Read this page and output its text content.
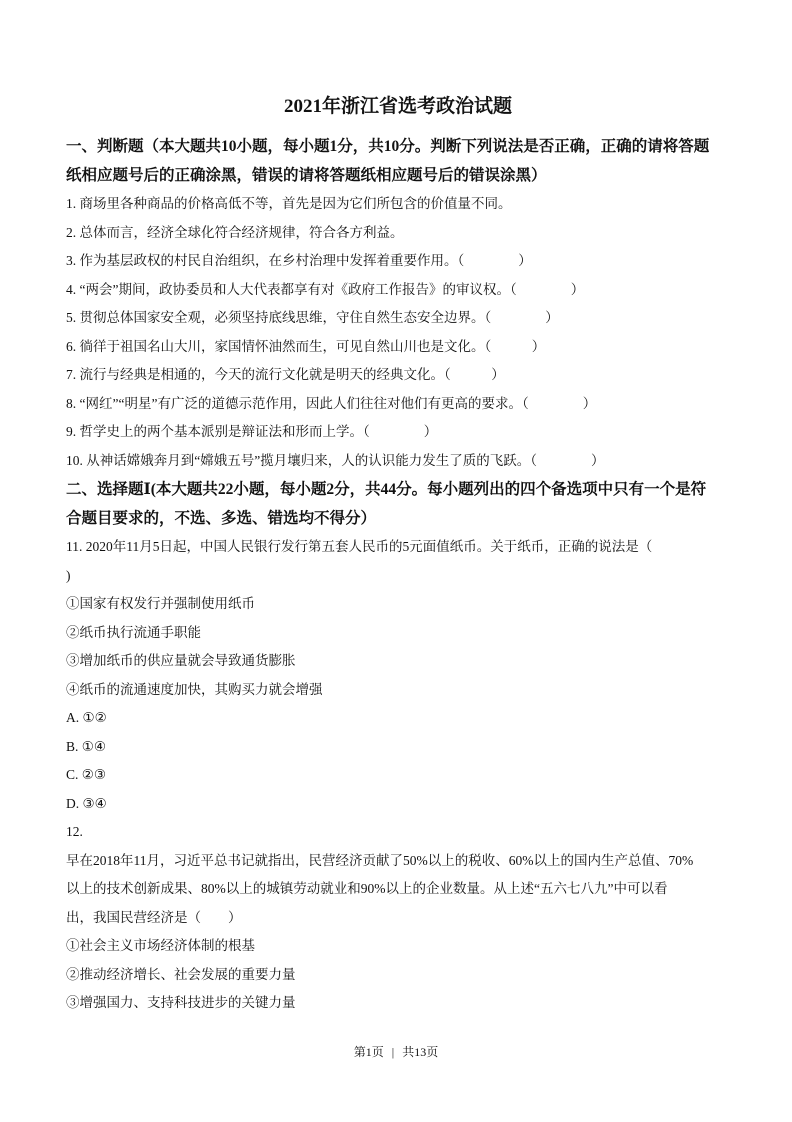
2021年浙江省选考政治试题
一、判断题（本大题共10小题，每小题1分，共10分。判断下列说法是否正确，正确的请将答题
纸相应题号后的正确涂黑，错误的请将答题纸相应题号后的错误涂黑）
1. 商场里各种商品的价格高低不等，首先是因为它们所包含的价值量不同。
2. 总体而言，经济全球化符合经济规律，符合各方利益。
3. 作为基层政权的村民自治组织，在乡村治理中发挥着重要作用。（　　　　）
4. “两会”期间，政协委员和人大代表都享有对《政府工作报告》的审议权。（　　　　）
5. 贯彻总体国家安全观，必须坚持底线思维，守住自然生态安全边界。（　　　　）
6. 徜徉于祖国名山大川，家国情怀油然而生，可见自然山川也是文化。（　　　）
7. 流行与经典是相通的，今天的流行文化就是明天的经典文化。（　　　）
8. “网红”“明星”有广泛的道德示范作用，因此人们往往对他们有更高的要求。（　　　　）
9. 哲学史上的两个基本派别是辩证法和形而上学。（　　　　）
10. 从神话嫦娥奔月到“嫦娥五号”揽月壤归来，人的认识能力发生了质的飞跃。（　　　　）
二、选择题Ⅰ(本大题共22小题，每小题2分，共44分。每小题列出的四个备选项中只有一个是符
合题目要求的，不选、多选、错选均不得分）
11. 2020年11月5日起，中国人民银行发行第五套人民币的5元面值纸币。关于纸币，正确的说法是（
)
①国家有权发行并强制使用纸币
②纸币执行流通手职能
③增加纸币的供应量就会导致通货膨胀
④纸币的流通速度加快，其购买力就会增强
A. ①②
B. ①④
C. ②③
D. ③④
12.
早在2018年11月，习近平总书记就指出，民营经济贡献了50%以上的税收、60%以上的国内生产总值、70%
以上的技术创新成果、80%以上的城镇劳动就业和90%以上的企业数量。从上述“五六七八九”中可以看
出，我国民营经济是（　　）
①社会主义市场经济体制的根基
②推动经济增长、社会发展的重要力量
③增强国力、支持科技进步的关键力量
第1页 | 共13页
